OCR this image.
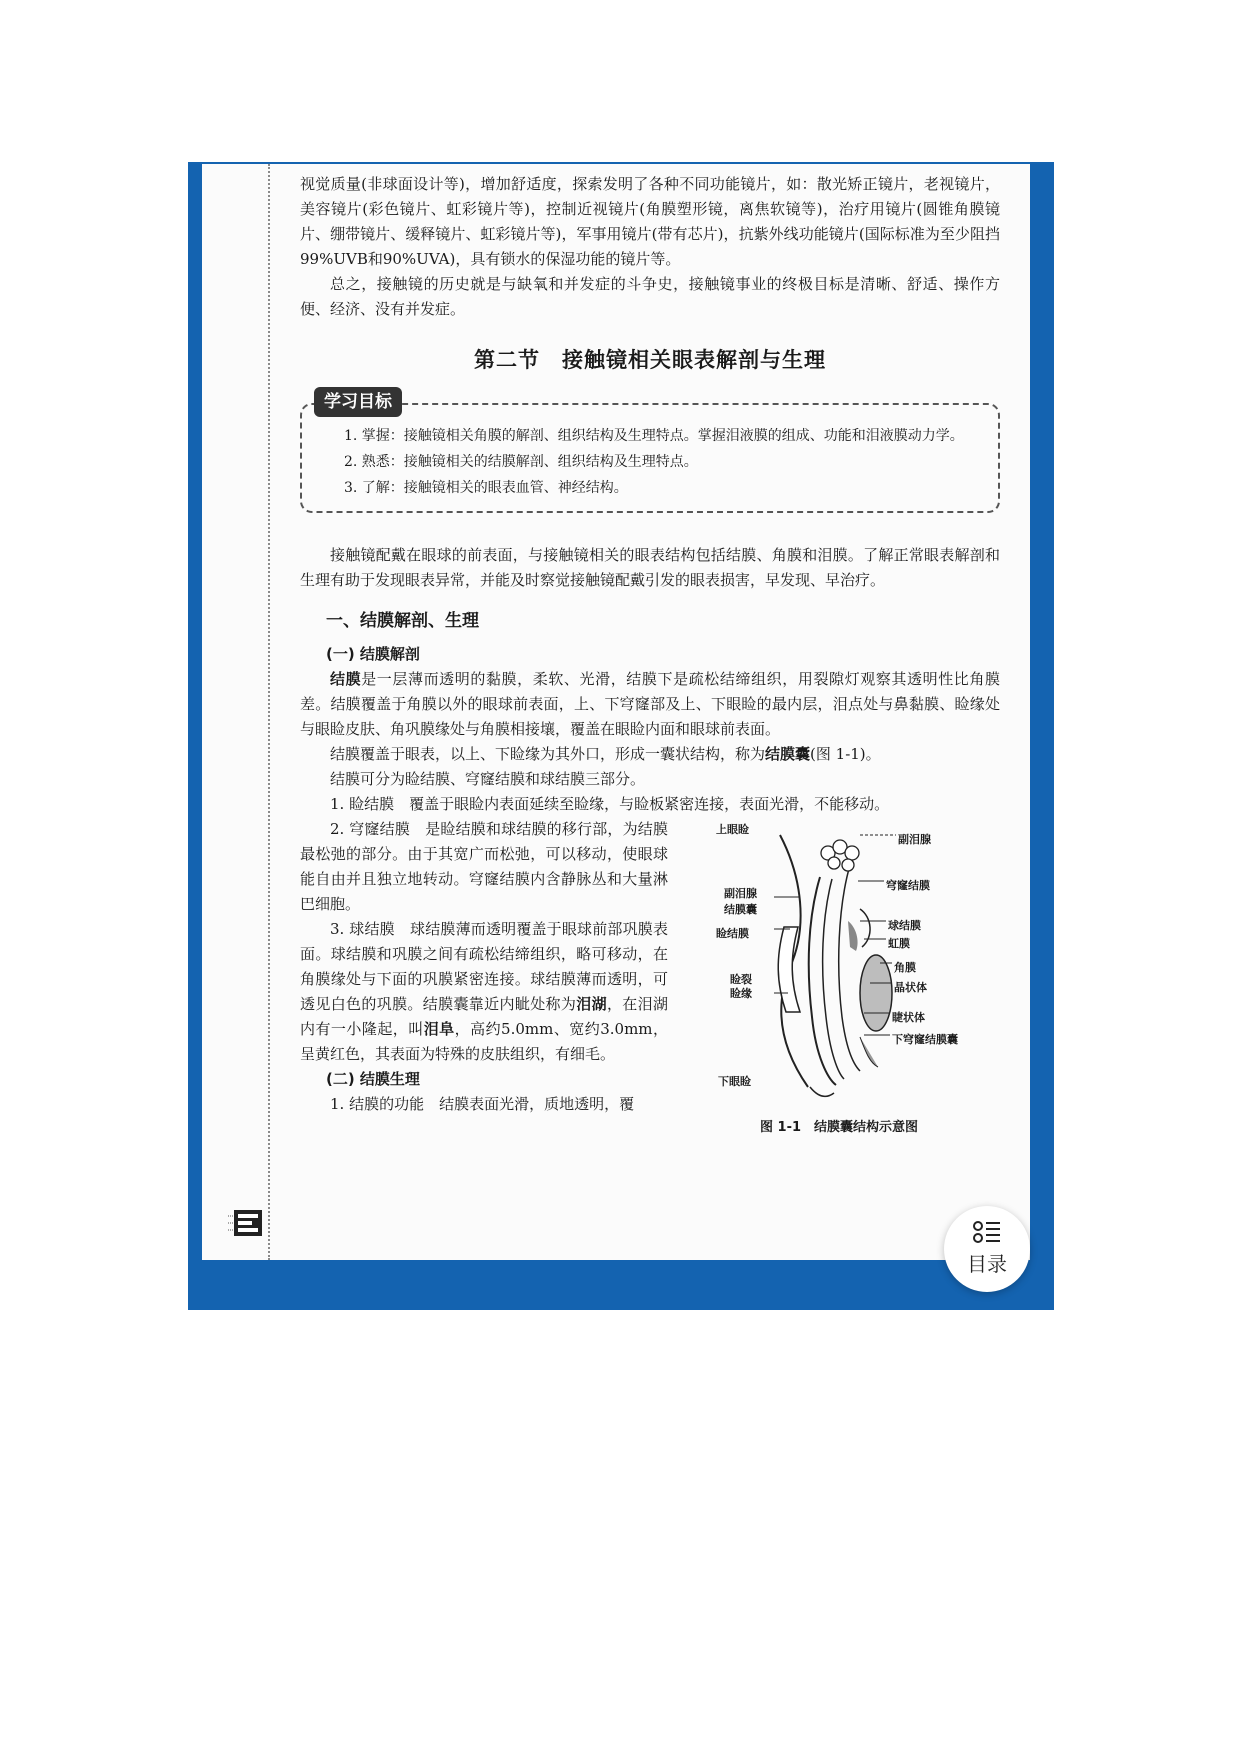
视觉质量(非球面设计等)，增加舒适度，探索发明了各种不同功能镜片，如：散光矫正镜片，老视镜片，美容镜片(彩色镜片、虹彩镜片等)，控制近视镜片(角膜塑形镜，离焦软镜等)，治疗用镜片(圆锥角膜镜片、绷带镜片、缓释镜片、虹彩镜片等)，军事用镜片(带有芯片)，抗紫外线功能镜片(国际标准为至少阻挡99%UVB和90%UVA)，具有锁水的保湿功能的镜片等。

总之，接触镜的历史就是与缺氧和并发症的斗争史，接触镜事业的终极目标是清晰、舒适、操作方便、经济、没有并发症。

第二节　接触镜相关眼表解剖与生理
学习目标

1. 掌握：接触镜相关角膜的解剖、组织结构及生理特点。掌握泪液膜的组成、功能和泪液膜动力学。

2. 熟悉：接触镜相关的结膜解剖、组织结构及生理特点。

3. 了解：接触镜相关的眼表血管、神经结构。

接触镜配戴在眼球的前表面，与接触镜相关的眼表结构包括结膜、角膜和泪膜。了解正常眼表解剖和生理有助于发现眼表异常，并能及时察觉接触镜配戴引发的眼表损害，早发现、早治疗。

一、结膜解剖、生理
(一) 结膜解剖

结膜是一层薄而透明的黏膜，柔软、光滑，结膜下是疏松结缔组织，用裂隙灯观察其透明性比角膜差。结膜覆盖于角膜以外的眼球前表面，上、下穹窿部及上、下眼睑的最内层，泪点处与鼻黏膜、睑缘处与眼睑皮肤、角巩膜缘处与角膜相接壤，覆盖在眼睑内面和眼球前表面。

结膜覆盖于眼表，以上、下睑缘为其外口，形成一囊状结构，称为结膜囊(图 1-1)。

结膜可分为睑结膜、穹窿结膜和球结膜三部分。

1. 睑结膜　覆盖于眼睑内表面延续至睑缘，与睑板紧密连接，表面光滑，不能移动。

2. 穹窿结膜　是睑结膜和球结膜的移行部，为结膜最松弛的部分。由于其宽广而松弛，可以移动，使眼球能自由并且独立地转动。穹窿结膜内含静脉丛和大量淋巴细胞。

3. 球结膜　球结膜薄而透明覆盖于眼球前部巩膜表面。球结膜和巩膜之间有疏松结缔组织，略可移动，在角膜缘处与下面的巩膜紧密连接。球结膜薄而透明，可透见白色的巩膜。结膜囊靠近内眦处称为泪湖，在泪湖内有一小隆起，叫泪阜，高约5.0mm、宽约3.0mm，呈黄红色，其表面为特殊的皮肤组织，有细毛。

(二) 结膜生理

1. 结膜的功能　结膜表面光滑，质地透明，覆

上眼睑
副泪腺
穹窿结膜
副泪腺
结膜囊
睑结膜
球结膜
虹膜
角膜
晶状体
睑裂
睑缘
睫状体
下穹窿结膜囊
下眼睑
图 1-1　结膜囊结构示意图
目录
